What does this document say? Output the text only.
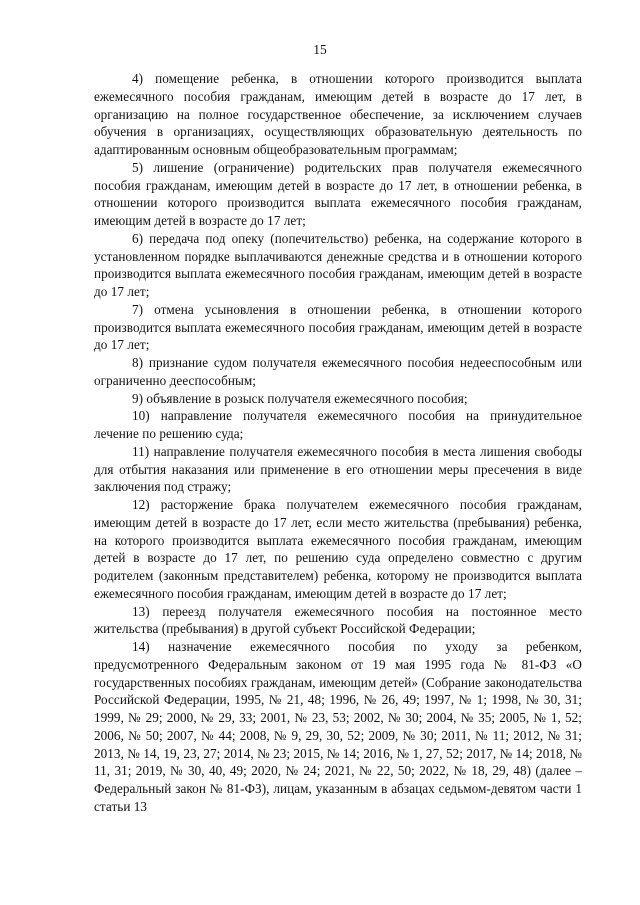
15

4) помещение ребенка, в отношении которого производится выплата ежемесячного пособия гражданам, имеющим детей в возрасте до 17 лет, в организацию на полное государственное обеспечение, за исключением случаев обучения в организациях, осуществляющих образовательную деятельность по адаптированным основным общеобразовательным программам;

5) лишение (ограничение) родительских прав получателя ежемесячного пособия гражданам, имеющим детей в возрасте до 17 лет, в отношении ребенка, в отношении которого производится выплата ежемесячного пособия гражданам, имеющим детей в возрасте до 17 лет;

6) передача под опеку (попечительство) ребенка, на содержание которого в установленном порядке выплачиваются денежные средства и в отношении которого производится выплата ежемесячного пособия гражданам, имеющим детей в возрасте до 17 лет;

7) отмена усыновления в отношении ребенка, в отношении которого производится выплата ежемесячного пособия гражданам, имеющим детей в возрасте до 17 лет;

8) признание судом получателя ежемесячного пособия недееспособным или ограниченно дееспособным;

9) объявление в розыск получателя ежемесячного пособия;

10) направление получателя ежемесячного пособия на принудительное лечение по решению суда;

11) направление получателя ежемесячного пособия в места лишения свободы для отбытия наказания или применение в его отношении меры пресечения в виде заключения под стражу;

12) расторжение брака получателем ежемесячного пособия гражданам, имеющим детей в возрасте до 17 лет, если место жительства (пребывания) ребенка, на которого производится выплата ежемесячного пособия гражданам, имеющим детей в возрасте до 17 лет, по решению суда определено совместно с другим родителем (законным представителем) ребенка, которому не производится выплата ежемесячного пособия гражданам, имеющим детей в возрасте до 17 лет;

13) переезд получателя ежемесячного пособия на постоянное место жительства (пребывания) в другой субъект Российской Федерации;

14) назначение ежемесячного пособия по уходу за ребенком, предусмотренного Федеральным законом от 19 мая 1995 года № 81-ФЗ «О государственных пособиях гражданам, имеющим детей» (Собрание законодательства Российской Федерации, 1995, № 21, 48; 1996, № 26, 49; 1997, № 1; 1998, № 30, 31; 1999, № 29; 2000, № 29, 33; 2001, № 23, 53; 2002, № 30; 2004, № 35; 2005, № 1, 52; 2006, № 50; 2007, № 44; 2008, № 9, 29, 30, 52; 2009, № 30; 2011, № 11; 2012, № 31; 2013, № 14, 19, 23, 27; 2014, № 23; 2015, № 14; 2016, № 1, 27, 52; 2017, № 14; 2018, № 11, 31; 2019, № 30, 40, 49; 2020, № 24; 2021, № 22, 50; 2022, № 18, 29, 48) (далее – Федеральный закон № 81-ФЗ), лицам, указанным в абзацах седьмом-девятом части 1 статьи 13
